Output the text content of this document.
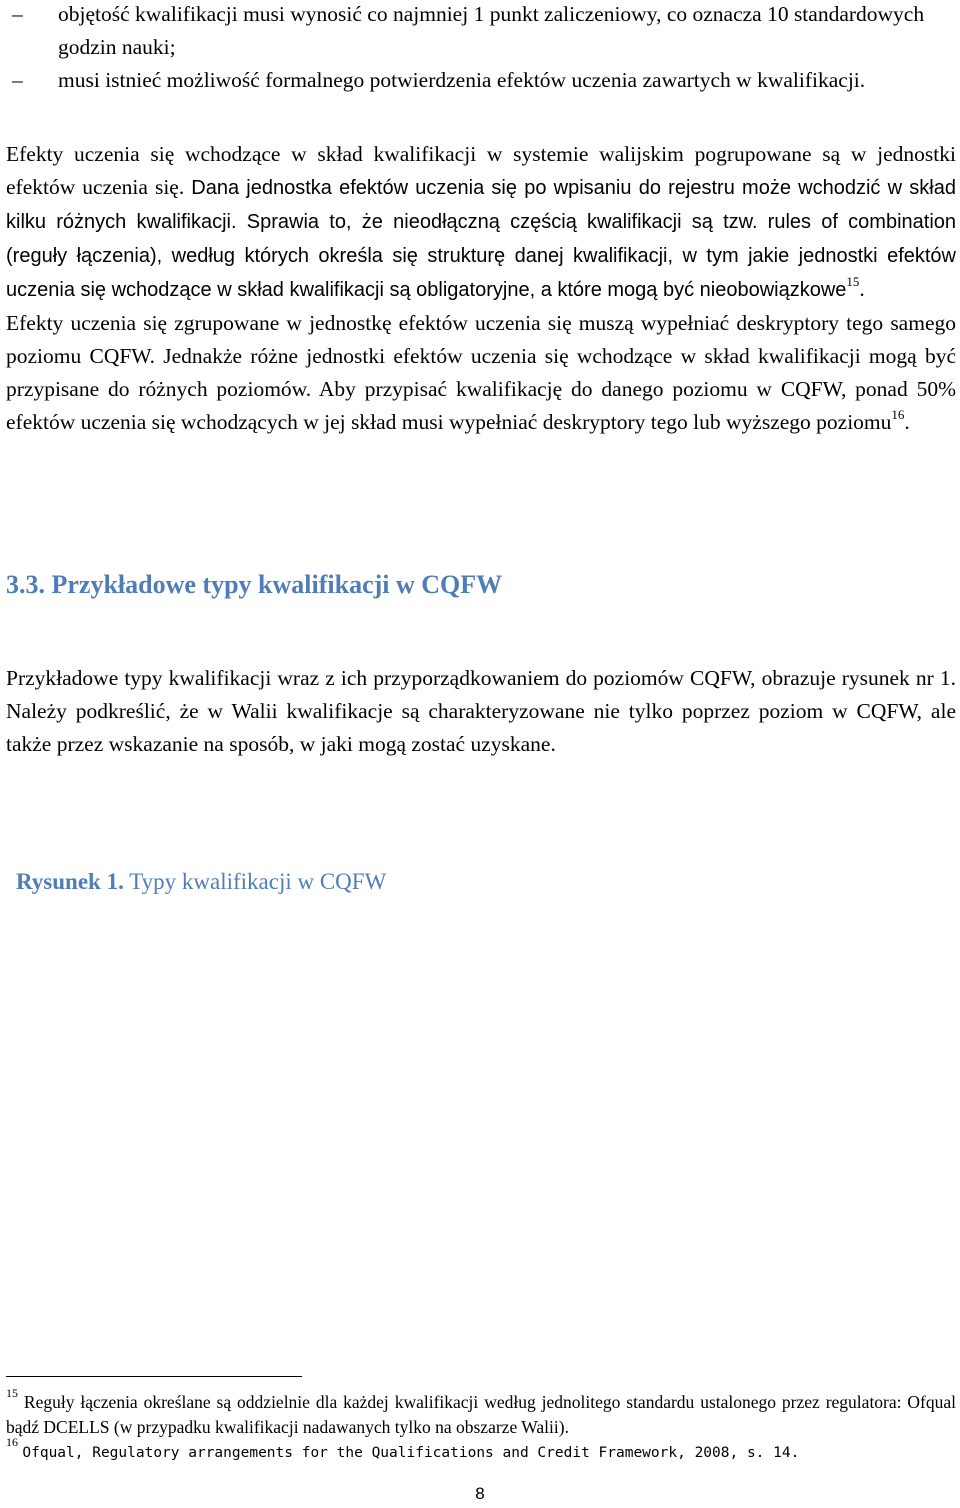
–	objętość kwalifikacji musi wynosić co najmniej 1 punkt zaliczeniowy, co oznacza 10 standardowych godzin nauki;
–	musi istnieć możliwość formalnego potwierdzenia efektów uczenia zawartych w kwalifikacji.
Efekty uczenia się wchodzące w skład kwalifikacji w systemie walijskim pogrupowane są w jednostki efektów uczenia się. Dana jednostka efektów uczenia się po wpisaniu do rejestru może wchodzić w skład kilku różnych kwalifikacji. Sprawia to, że nieodłączną częścią kwalifikacji są tzw. rules of combination (reguły łączenia), według których określa się strukturę danej kwalifikacji, w tym jakie jednostki efektów uczenia się wchodzące w skład kwalifikacji są obligatoryjne, a które mogą być nieobowiązkowe$^{15}$.
Efekty uczenia się zgrupowane w jednostkę efektów uczenia się muszą wypełniać deskryptory tego samego poziomu CQFW. Jednakże różne jednostki efektów uczenia się wchodzące w skład kwalifikacji mogą być przypisane do różnych poziomów. Aby przypisać kwalifikację do danego poziomu w CQFW, ponad 50% efektów uczenia się wchodzących w jej skład musi wypełniać deskryptory tego lub wyższego poziomu$^{16}$.
3.3. Przykładowe typy kwalifikacji w CQFW
Przykładowe typy kwalifikacji wraz z ich przyporządkowaniem do poziomów CQFW, obrazuje rysunek nr 1. Należy podkreślić, że w Walii kwalifikacje są charakteryzowane nie tylko poprzez poziom w CQFW, ale także przez wskazanie na sposób, w jaki mogą zostać uzyskane.
Rysunek 1. Typy kwalifikacji w CQFW
$^{15}$ Reguły łączenia określane są oddzielnie dla każdej kwalifikacji według jednolitego standardu ustalonego przez regulatora: Ofqual bądź DCELLS (w przypadku kwalifikacji nadawanych tylko na obszarze Walii).
$^{16}$ Ofqual, Regulatory arrangements for the Qualifications and Credit Framework, 2008, s. 14.
8
